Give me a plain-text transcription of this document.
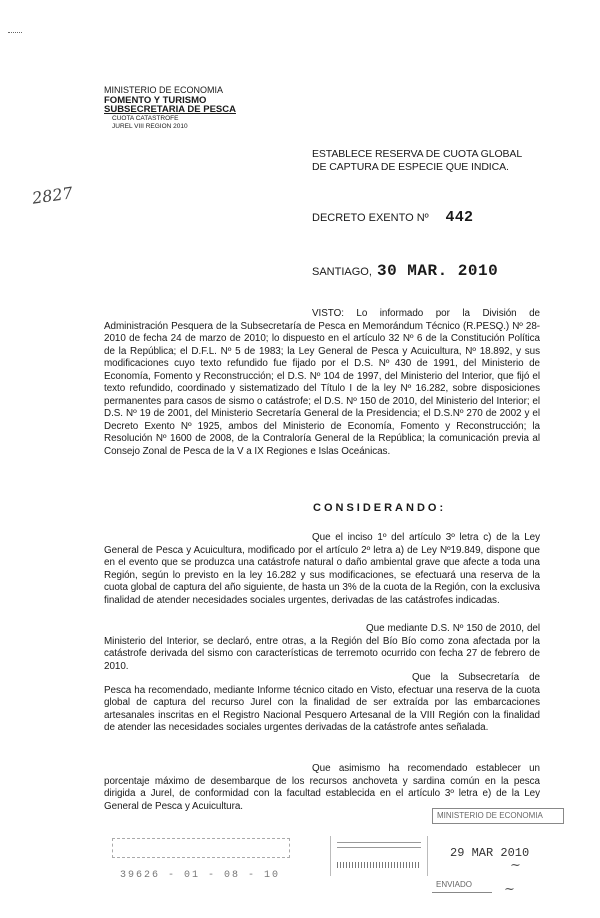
MINISTERIO DE ECONOMIA
FOMENTO Y TURISMO
SUBSECRETARIA DE PESCA
CUOTA CATASTROFE
JUREL VIII REGION 2010
2827
ESTABLECE RESERVA DE CUOTA GLOBAL
DE CAPTURA DE ESPECIE QUE INDICA.
DECRETO EXENTO Nº 442
SANTIAGO, 30 MAR. 2010
VISTO: Lo informado por la División de Administración Pesquera de la Subsecretaría de Pesca en Memorándum Técnico (R.PESQ.) Nº 28-2010 de fecha 24 de marzo de 2010; lo dispuesto en el artículo 32 Nº 6 de la Constitución Política de la República; el D.F.L. Nº 5 de 1983; la Ley General de Pesca y Acuicultura, Nº 18.892, y sus modificaciones cuyo texto refundido fue fijado por el D.S. Nº 430 de 1991, del Ministerio de Economía, Fomento y Reconstrucción; el D.S. Nº 104 de 1997, del Ministerio del Interior, que fijó el texto refundido, coordinado y sistematizado del Título I de la ley Nº 16.282, sobre disposiciones permanentes para casos de sismo o catástrofe; el D.S. Nº 150 de 2010, del Ministerio del Interior; el D.S. Nº 19 de 2001, del Ministerio Secretaría General de la Presidencia; el D.S.Nº 270 de 2002 y el Decreto Exento Nº 1925, ambos del Ministerio de Economía, Fomento y Reconstrucción; la Resolución Nº 1600 de 2008, de la Contraloría General de la República; la comunicación previa al Consejo Zonal de Pesca de la V a IX Regiones e Islas Oceánicas.
CONSIDERANDO:
Que el inciso 1º del artículo 3º letra c) de la Ley General de Pesca y Acuicultura, modificado por el artículo 2º letra a) de Ley Nº19.849, dispone que en el evento que se produzca una catástrofe natural o daño ambiental grave que afecte a toda una Región, según lo previsto en la ley 16.282 y sus modificaciones, se efectuará una reserva de la cuota global de captura del año siguiente, de hasta un 3% de la cuota de la Región, con la exclusiva finalidad de atender necesidades sociales urgentes, derivadas de las catástrofes indicadas.
Que mediante D.S. Nº 150 de 2010, del Ministerio del Interior, se declaró, entre otras, a la Región del Bío Bío como zona afectada por la catástrofe derivada del sismo con características de terremoto ocurrido con fecha 27 de febrero de 2010.
Que la Subsecretaría de Pesca ha recomendado, mediante Informe técnico citado en Visto, efectuar una reserva de la cuota global de captura del recurso Jurel con la finalidad de ser extraída por las embarcaciones artesanales inscritas en el Registro Nacional Pesquero Artesanal de la VIII Región con la finalidad de atender las necesidades sociales urgentes derivadas de la catástrofe antes señalada.
Que asimismo ha recomendado establecer un porcentaje máximo de desembarque de los recursos anchoveta y sardina común en la pesca dirigida a Jurel, de conformidad con la facultad establecida en el artículo 3º letra e) de la Ley General de Pesca y Acuicultura.
39626 - 01 - 08 - 10
MINISTERIO DE ECONOMIA
29 MAR 2010
~
ENVIADO	~
